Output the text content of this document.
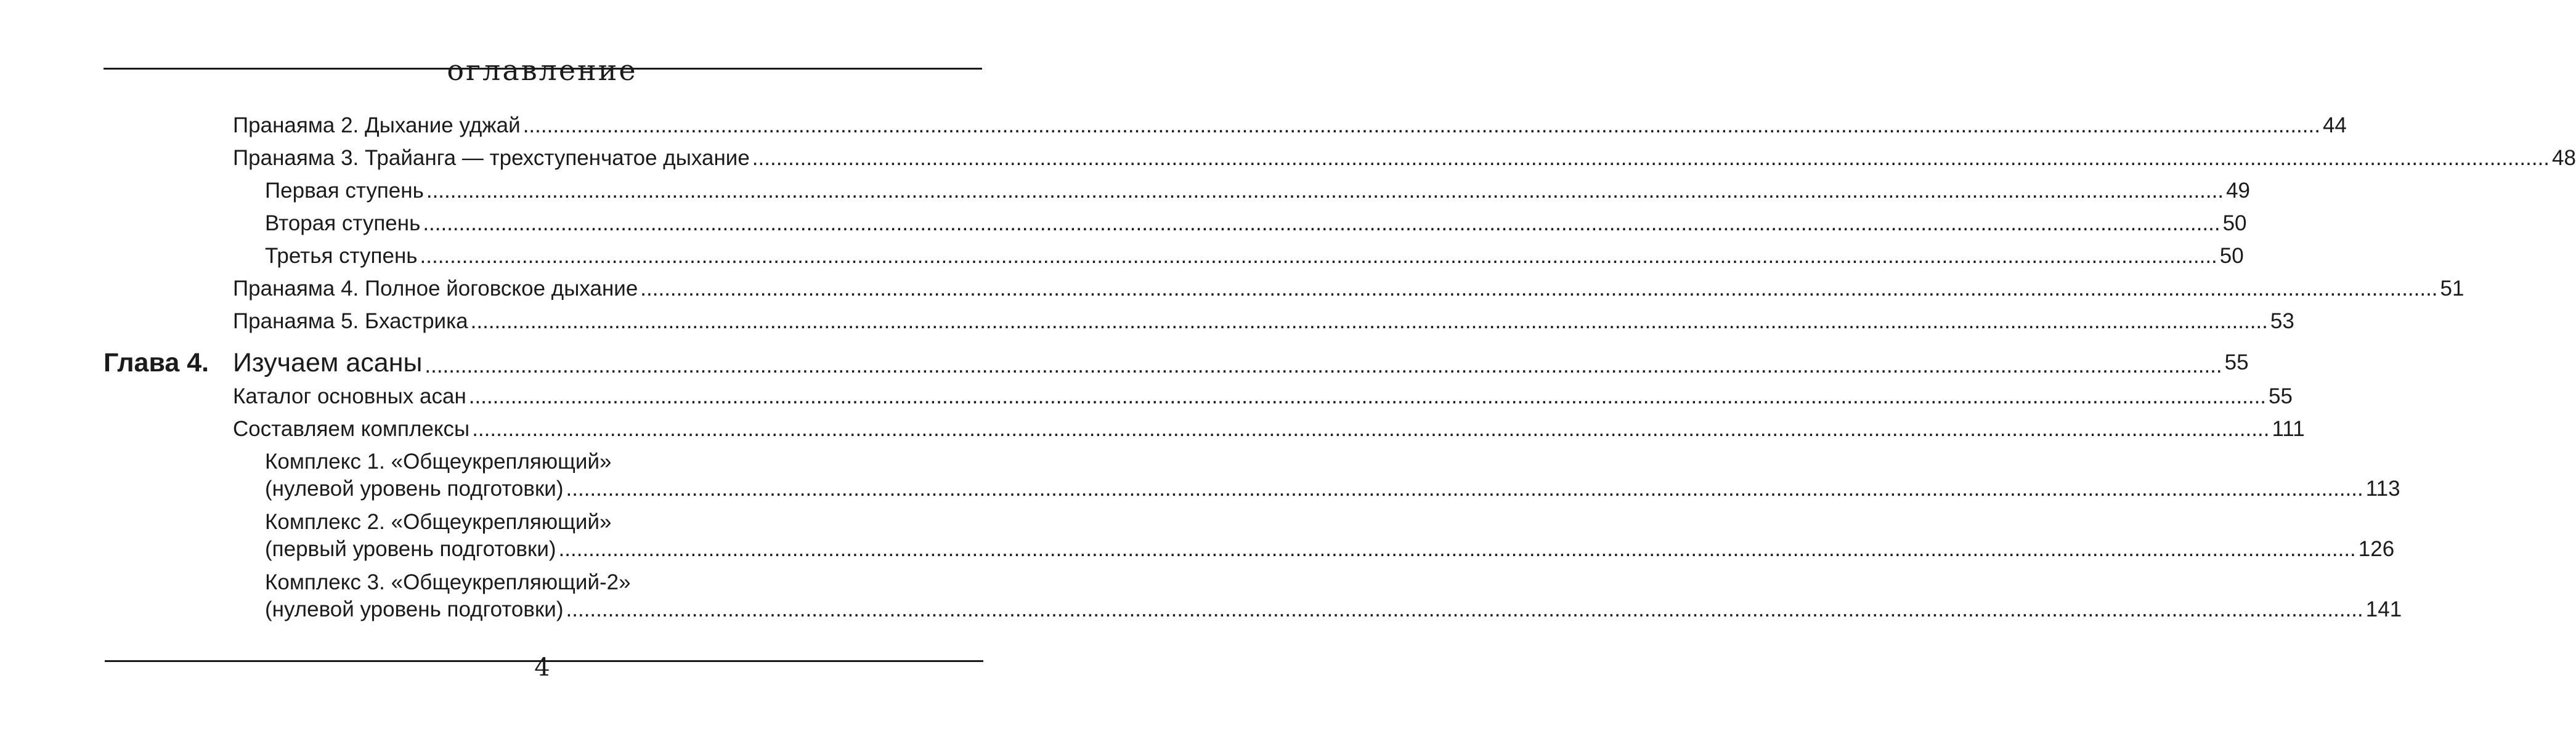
оглавление
Пранаяма 2. Дыхание уджай ............................................................................................................................................................................................................................................................................................................ 44
Пранаяма 3. Трайанга — трехступенчатое дыхание ............................................................................................................................................................................................................................................................................................................ 48
Первая ступень ............................................................................................................................................................................................................................................................................................................ 49
Вторая ступень ............................................................................................................................................................................................................................................................................................................ 50
Третья ступень ............................................................................................................................................................................................................................................................................................................ 50
Пранаяма 4. Полное йоговское дыхание ............................................................................................................................................................................................................................................................................................................ 51
Пранаяма 5. Бхастрика ............................................................................................................................................................................................................................................................................................................ 53
Глава 4. Изучаем асаны ............................................................................................................................................................................................................................................................................................................ 55
Каталог основных асан ............................................................................................................................................................................................................................................................................................................ 55
Составляем комплексы ............................................................................................................................................................................................................................................................................................................ 111
Комплекс 1. «Общеукрепляющий»
(нулевой уровень подготовки) ............................................................................................................................................................................................................................................................................................................ 113
Комплекс 2. «Общеукрепляющий»
(первый уровень подготовки) ............................................................................................................................................................................................................................................................................................................ 126
Комплекс 3. «Общеукрепляющий-2»
(нулевой уровень подготовки) ............................................................................................................................................................................................................................................................................................................ 141
4
